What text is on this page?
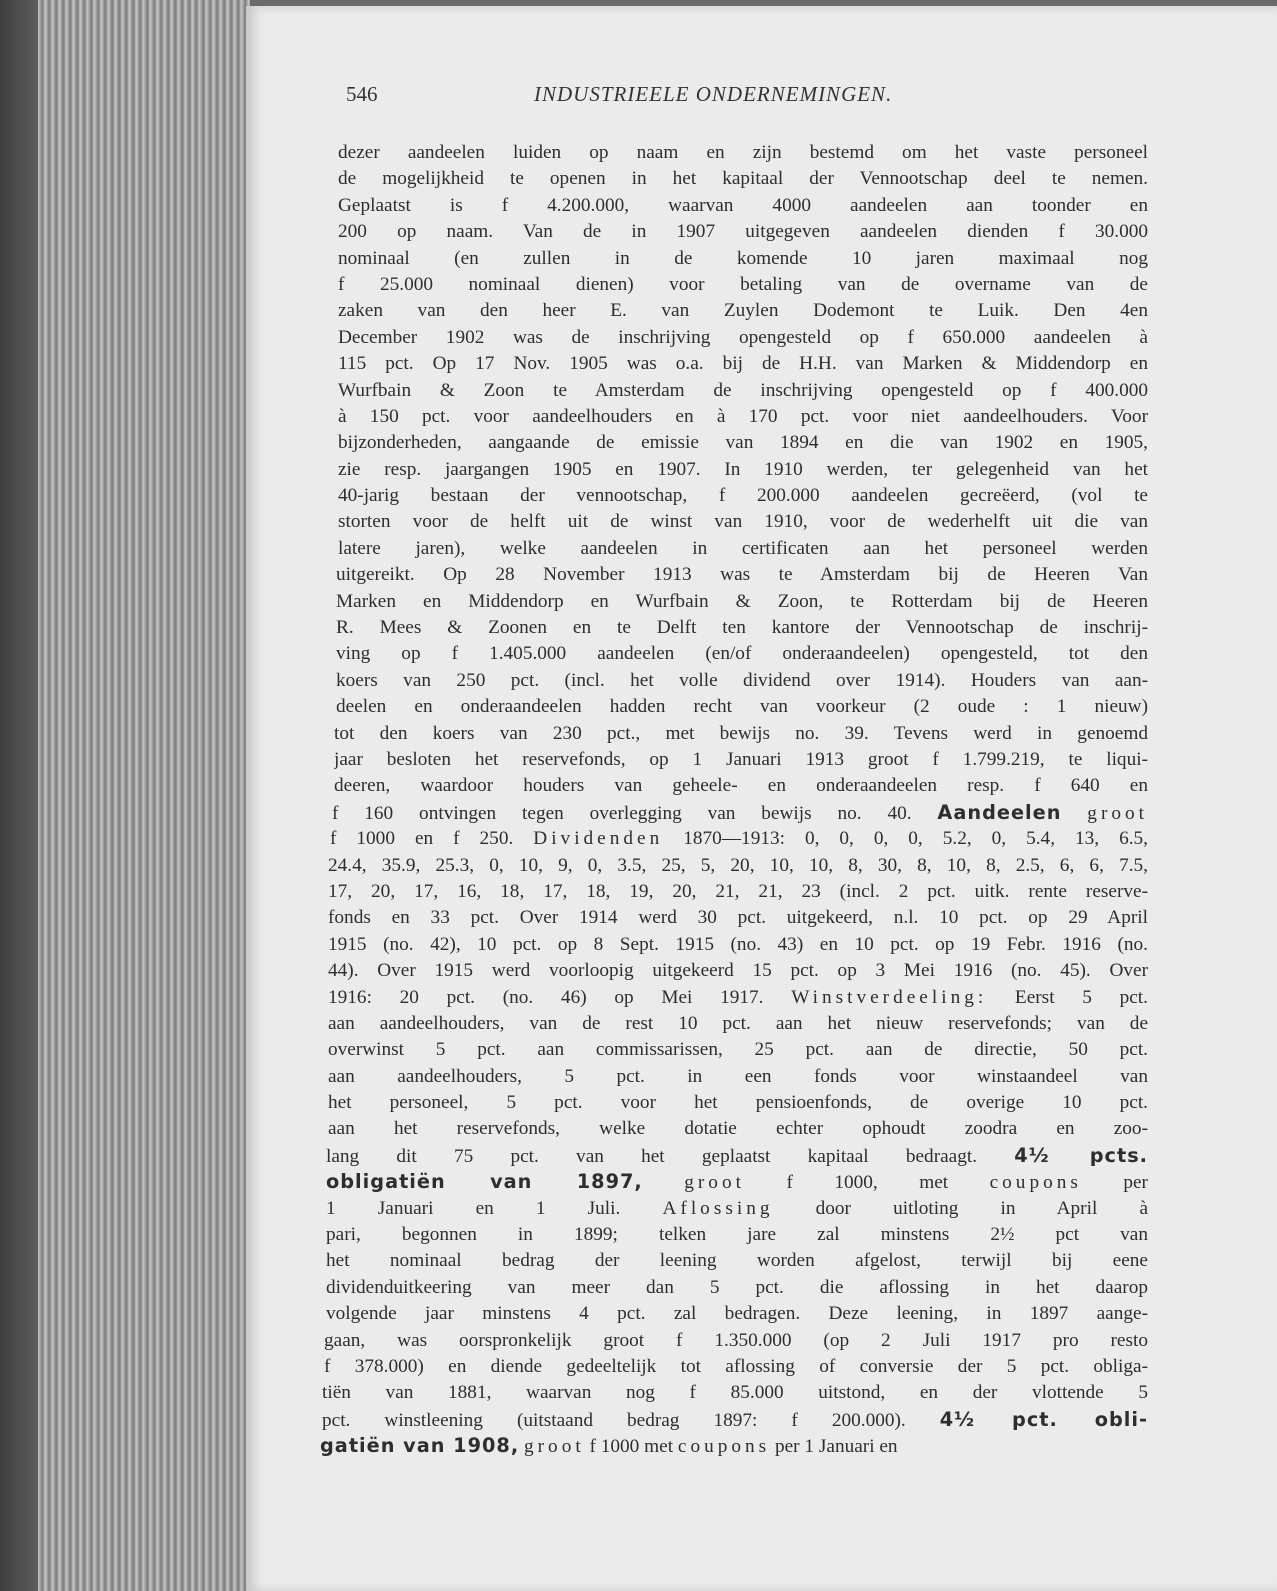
546	INDUSTRIEELE ONDERNEMINGEN.
dezer aandeelen luiden op naam en zijn bestemd om het vaste personeel
de mogelijkheid te openen in het kapitaal der Vennootschap deel te nemen.
Geplaatst is f 4.200.000, waarvan 4000 aandeelen aan toonder en
200 op naam. Van de in 1907 uitgegeven aandeelen dienden f 30.000
nominaal (en zullen in de komende 10 jaren maximaal nog
f 25.000 nominaal dienen) voor betaling van de overname van de
zaken van den heer E. van Zuylen Dodemont te Luik. Den 4en
December 1902 was de inschrijving opengesteld op f 650.000 aandeelen à
115 pct. Op 17 Nov. 1905 was o.a. bij de H.H. van Marken & Middendorp en
Wurfbain & Zoon te Amsterdam de inschrijving opengesteld op f 400.000
à 150 pct. voor aandeelhouders en à 170 pct. voor niet aandeelhouders. Voor
bijzonderheden, aangaande de emissie van 1894 en die van 1902 en 1905,
zie resp. jaargangen 1905 en 1907. In 1910 werden, ter gelegenheid van het
40-jarig bestaan der vennootschap, f 200.000 aandeelen gecreëerd, (vol te
storten voor de helft uit de winst van 1910, voor de wederhelft uit die van
latere jaren), welke aandeelen in certificaten aan het personeel werden
uitgereikt. Op 28 November 1913 was te Amsterdam bij de Heeren Van
Marken en Middendorp en Wurfbain & Zoon, te Rotterdam bij de Heeren
R. Mees & Zoonen en te Delft ten kantore der Vennootschap de inschrij-
ving op f 1.405.000 aandeelen (en/of onderaandeelen) opengesteld, tot den
koers van 250 pct. (incl. het volle dividend over 1914). Houders van aan-
deelen en onderaandeelen hadden recht van voorkeur (2 oude : 1 nieuw)
tot den koers van 230 pct., met bewijs no. 39. Tevens werd in genoemd
jaar besloten het reservefonds, op 1 Januari 1913 groot f 1.799.219, te liqui-
deeren, waardoor houders van geheele- en onderaandeelen resp. f 640 en
f 160 ontvingen tegen overlegging van bewijs no. 40. Aandeelen groot
f 1000 en f 250. Dividenden 1870—1913: 0, 0, 0, 0, 5.2, 0, 5.4, 13, 6.5,
24.4, 35.9, 25.3, 0, 10, 9, 0, 3.5, 25, 5, 20, 10, 10, 8, 30, 8, 10, 8, 2.5, 6, 6, 7.5,
17, 20, 17, 16, 18, 17, 18, 19, 20, 21, 21, 23 (incl. 2 pct. uitk. rente reserve-
fonds en 33 pct. Over 1914 werd 30 pct. uitgekeerd, n.l. 10 pct. op 29 April
1915 (no. 42), 10 pct. op 8 Sept. 1915 (no. 43) en 10 pct. op 19 Febr. 1916 (no.
44). Over 1915 werd voorloopig uitgekeerd 15 pct. op 3 Mei 1916 (no. 45). Over
1916: 20 pct. (no. 46) op Mei 1917. Winstverdeeling: Eerst 5 pct.
aan aandeelhouders, van de rest 10 pct. aan het nieuw reservefonds; van de
overwinst 5 pct. aan commissarissen, 25 pct. aan de directie, 50 pct.
aan aandeelhouders, 5 pct. in een fonds voor winstaandeel van
het personeel, 5 pct. voor het pensioenfonds, de overige 10 pct.
aan het reservefonds, welke dotatie echter ophoudt zoodra en zoo-
lang dit 75 pct. van het geplaatst kapitaal bedraagt. 4½ pcts.
obligatiën van 1897, groot f 1000, met coupons per
1 Januari en 1 Juli. Aflossing door uitloting in April à
pari, begonnen in 1899; telken jare zal minstens 2½ pct van
het nominaal bedrag der leening worden afgelost, terwijl bij eene
dividenduitkeering van meer dan 5 pct. die aflossing in het daarop
volgende jaar minstens 4 pct. zal bedragen. Deze leening, in 1897 aange-
gaan, was oorspronkelijk groot f 1.350.000 (op 2 Juli 1917 pro resto
f 378.000) en diende gedeeltelijk tot aflossing of conversie der 5 pct. obliga-
tiën van 1881, waarvan nog f 85.000 uitstond, en der vlottende 5
pct. winstleening (uitstaand bedrag 1897: f 200.000). 4½ pct. obli-
gatiën van 1908, groot f 1000 met coupons per 1 Januari en
